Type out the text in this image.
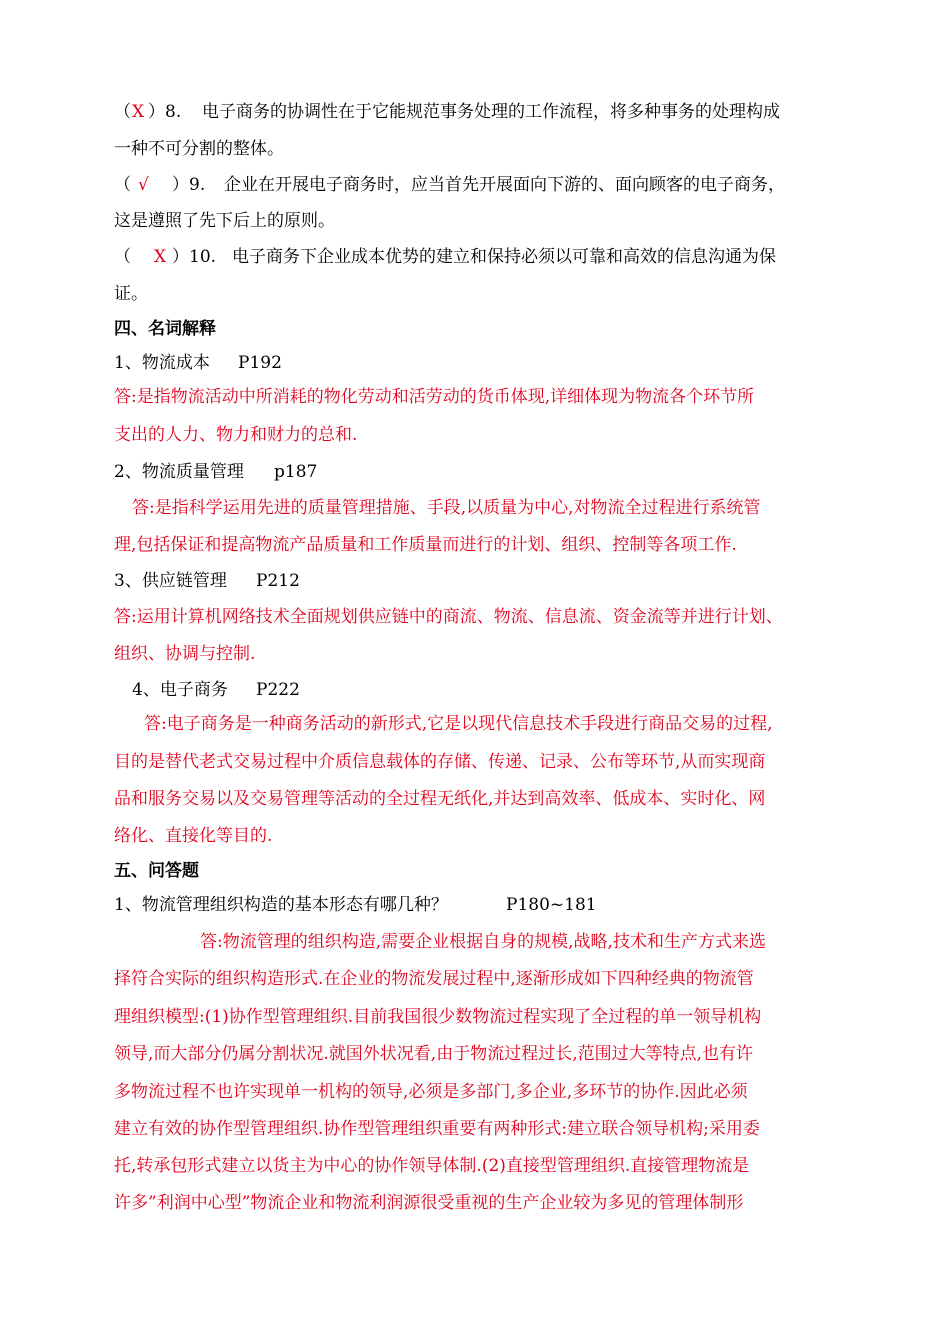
（ X ）8. 电子商务的协调性在于它能规范事务处理的工作流程，将多种事务的处理构成
一种不可分割的整体。
（ √ ）9. 企业在开展电子商务时，应当首先开展面向下游的、面向顾客的电子商务，
这是遵照了先下后上的原则。
（ X ）10. 电子商务下企业成本优势的建立和保持必须以可靠和高效的信息沟通为保
证。
四、名词解释
1、物流成本 P192
答:是指物流活动中所消耗的物化劳动和活劳动的货币体现,详细体现为物流各个环节所
支出的人力、物力和财力的总和.
2、物流质量管理 p187
答:是指科学运用先进的质量管理措施、手段,以质量为中心,对物流全过程进行系统管
理,包括保证和提高物流产品质量和工作质量而进行的计划、组织、控制等各项工作.
3、供应链管理 P212
答:运用计算机网络技术全面规划供应链中的商流、物流、信息流、资金流等并进行计划、
组织、协调与控制.
4、电子商务 P222
答:电子商务是一种商务活动的新形式,它是以现代信息技术手段进行商品交易的过程,
目的是替代老式交易过程中介质信息载体的存储、传递、记录、公布等环节,从而实现商
品和服务交易以及交易管理等活动的全过程无纸化,并达到高效率、低成本、实时化、网
络化、直接化等目的.
五、问答题
1、物流管理组织构造的基本形态有哪几种？	P180~181
答:物流管理的组织构造,需要企业根据自身的规模,战略,技术和生产方式来选
择符合实际的组织构造形式.在企业的物流发展过程中,逐渐形成如下四种经典的物流管
理组织模型:(1)协作型管理组织.目前我国很少数物流过程实现了全过程的单一领导机构
领导,而大部分仍属分割状况.就国外状况看,由于物流过程过长,范围过大等特点,也有许
多物流过程不也许实现单一机构的领导,必须是多部门,多企业,多环节的协作.因此必须
建立有效的协作型管理组织.协作型管理组织重要有两种形式:建立联合领导机构;采用委
托,转承包形式建立以货主为中心的协作领导体制.(2)直接型管理组织.直接管理物流是
许多”利润中心型”物流企业和物流利润源很受重视的生产企业较为多见的管理体制形
